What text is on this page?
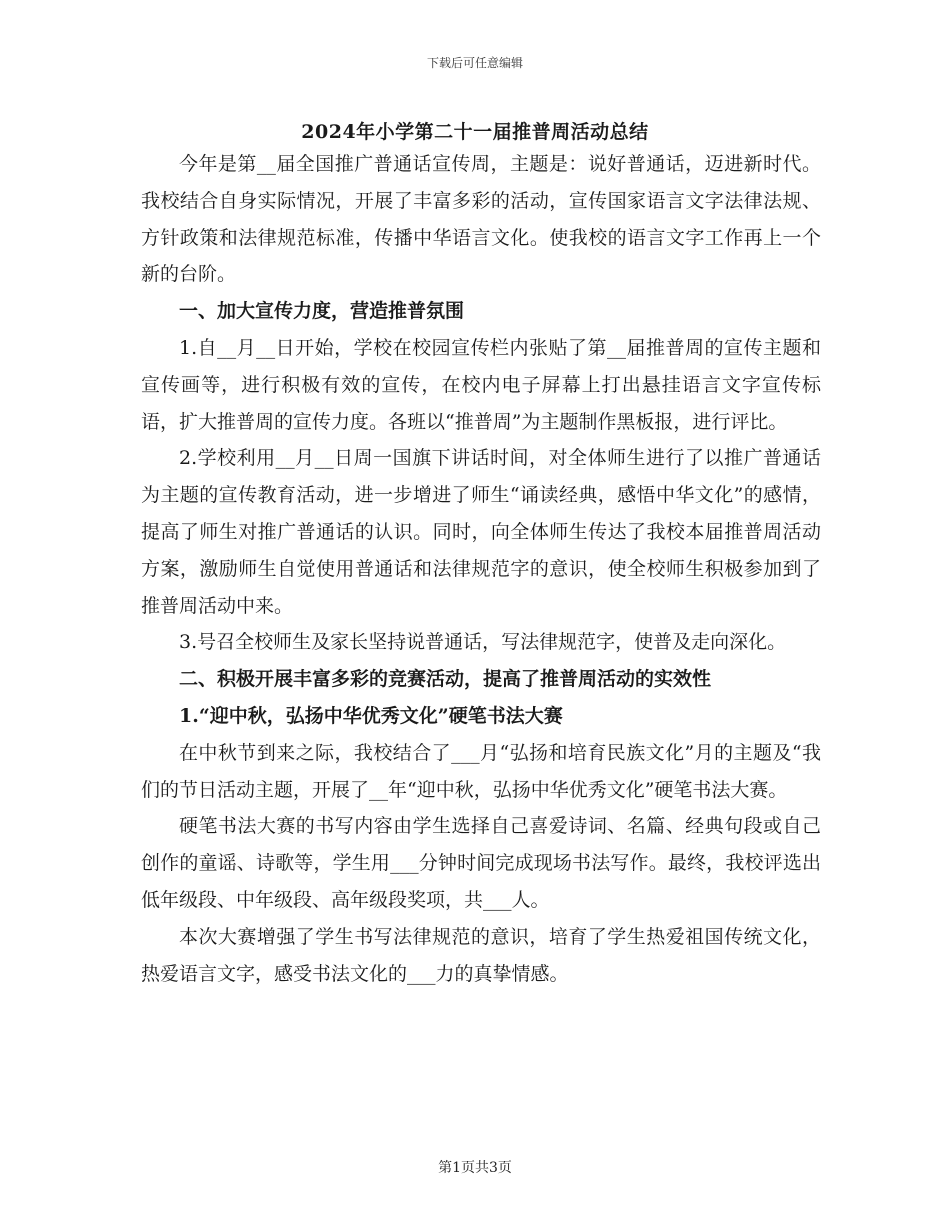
下载后可任意编辑
2024年小学第二十一届推普周活动总结

今年是第__届全国推广普通话宣传周，主题是：说好普通话，迈进新时代。我校结合自身实际情况，开展了丰富多彩的活动，宣传国家语言文字法律法规、方针政策和法律规范标准，传播中华语言文化。使我校的语言文字工作再上一个新的台阶。

一、加大宣传力度，营造推普氛围

1.自__月__日开始，学校在校园宣传栏内张贴了第__届推普周的宣传主题和宣传画等，进行积极有效的宣传，在校内电子屏幕上打出悬挂语言文字宣传标语，扩大推普周的宣传力度。各班以“推普周”为主题制作黑板报，进行评比。

2.学校利用__月__日周一国旗下讲话时间，对全体师生进行了以推广普通话为主题的宣传教育活动，进一步增进了师生“诵读经典，感悟中华文化”的感情，提高了师生对推广普通话的认识。同时，向全体师生传达了我校本届推普周活动方案，激励师生自觉使用普通话和法律规范字的意识，使全校师生积极参加到了推普周活动中来。

3.号召全校师生及家长坚持说普通话，写法律规范字，使普及走向深化。

二、积极开展丰富多彩的竞赛活动，提高了推普周活动的实效性

1.“迎中秋，弘扬中华优秀文化”硬笔书法大赛

在中秋节到来之际，我校结合了___月“弘扬和培育民族文化”月的主题及“我们的节日活动主题，开展了__年“迎中秋，弘扬中华优秀文化”硬笔书法大赛。

硬笔书法大赛的书写内容由学生选择自己喜爱诗词、名篇、经典句段或自己创作的童谣、诗歌等，学生用___分钟时间完成现场书法写作。最终，我校评选出低年级段、中年级段、高年级段奖项，共___人。

本次大赛增强了学生书写法律规范的意识，培育了学生热爱祖国传统文化，热爱语言文字，感受书法文化的___力的真挚情感。

第1页共3页
